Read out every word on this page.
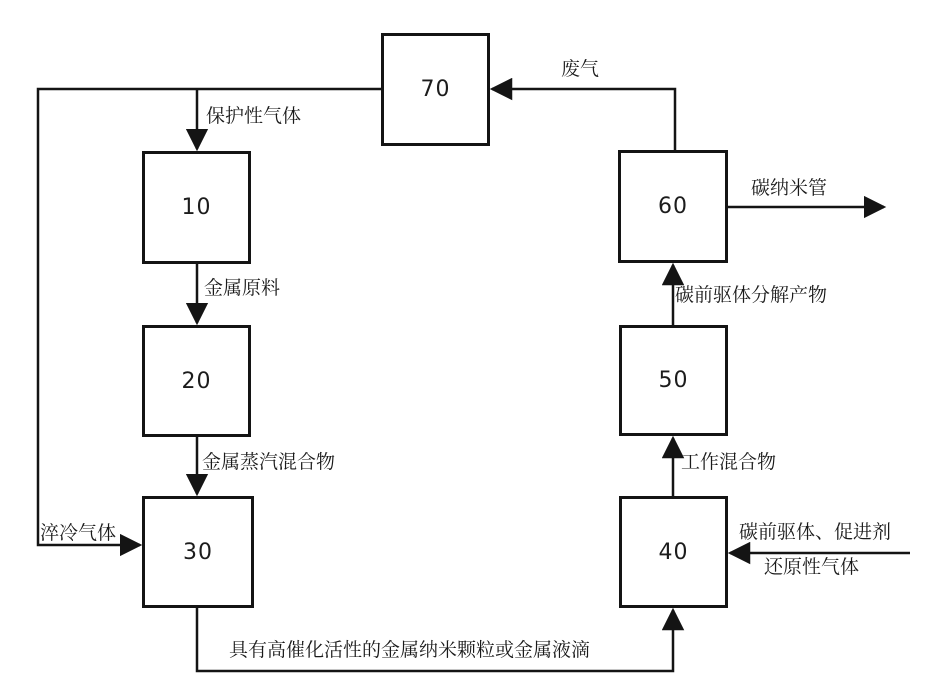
70
10
20
30
60
50
40
废气
保护性气体
金属原料
金属蒸汽混合物
淬冷气体
具有高催化活性的金属纳米颗粒或金属液滴
工作混合物
碳前驱体、促进剂
还原性气体
碳前驱体分解产物
碳纳米管
